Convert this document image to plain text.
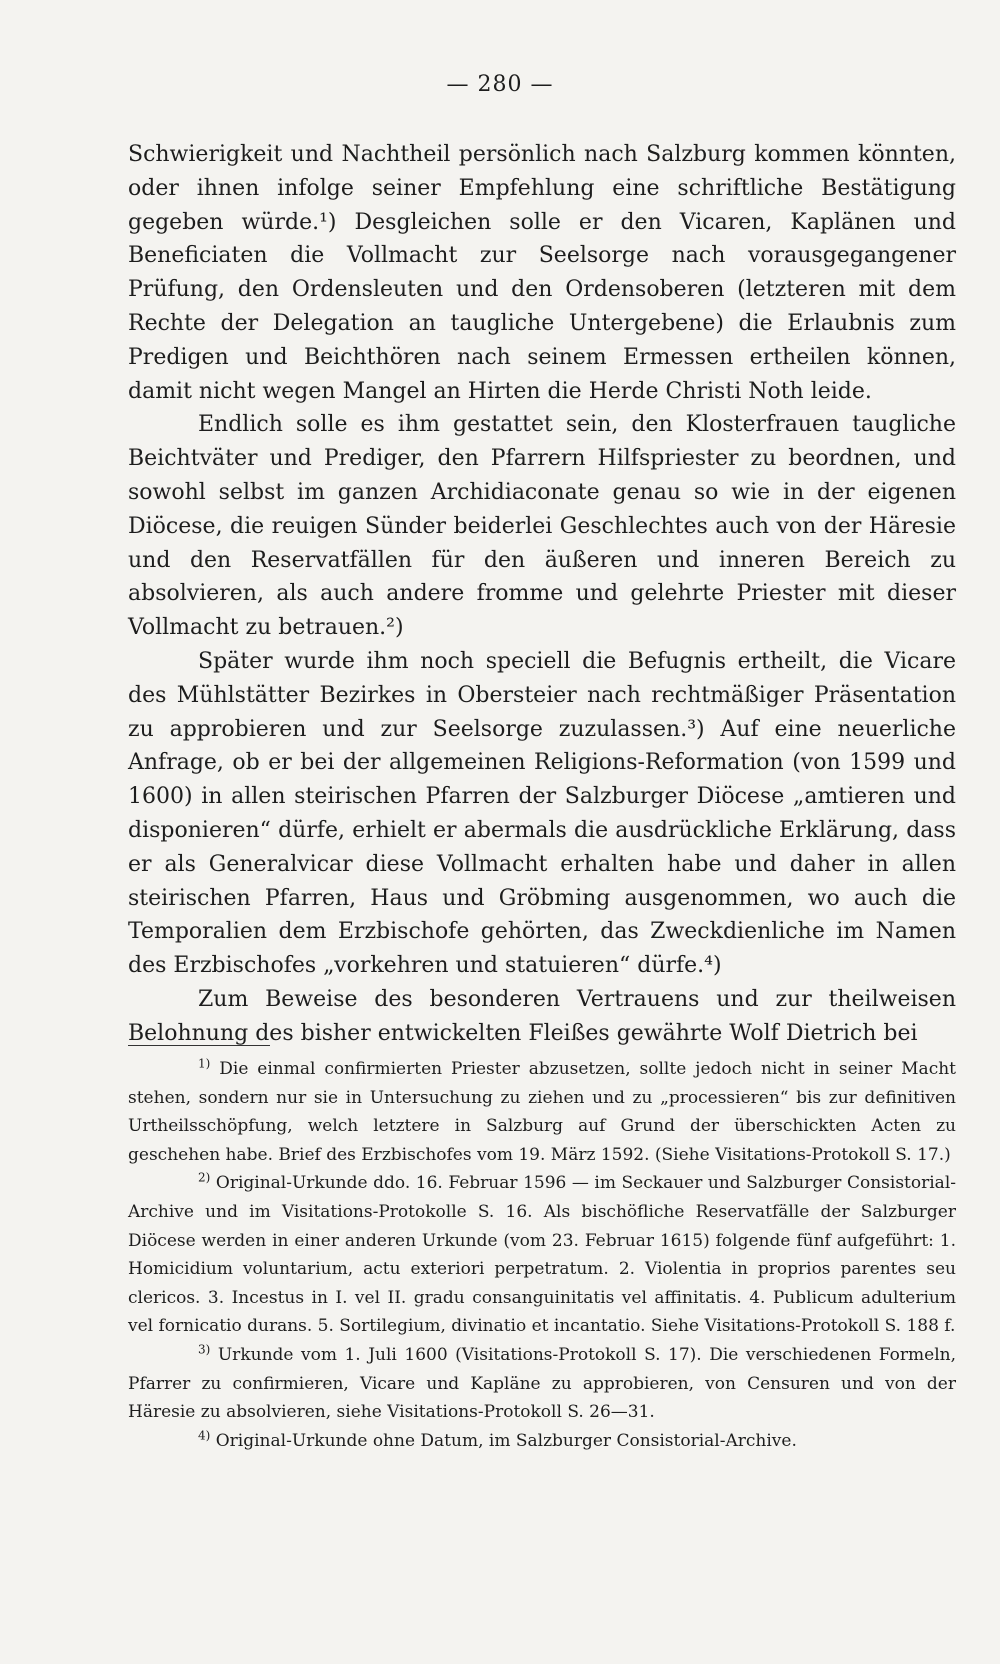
— 280 —

Schwierigkeit und Nachtheil persönlich nach Salzburg kommen könnten, oder ihnen infolge seiner Empfehlung eine schriftliche Bestätigung gegeben würde.¹) Desgleichen solle er den Vicaren, Kaplänen und Beneficiaten die Vollmacht zur Seelsorge nach vorausgegangener Prüfung, den Ordensleuten und den Ordensoberen (letzteren mit dem Rechte der Delegation an taugliche Untergebene) die Erlaubnis zum Predigen und Beichthören nach seinem Ermessen ertheilen können, damit nicht wegen Mangel an Hirten die Herde Christi Noth leide.

Endlich solle es ihm gestattet sein, den Klosterfrauen taugliche Beichtväter und Prediger, den Pfarrern Hilfspriester zu beordnen, und sowohl selbst im ganzen Archidiaconate genau so wie in der eigenen Diöcese, die reuigen Sünder beiderlei Geschlechtes auch von der Häresie und den Reservatfällen für den äußeren und inneren Bereich zu absolvieren, als auch andere fromme und gelehrte Priester mit dieser Vollmacht zu betrauen.²)

Später wurde ihm noch speciell die Befugnis ertheilt, die Vicare des Mühlstätter Bezirkes in Obersteier nach rechtmäßiger Präsentation zu approbieren und zur Seelsorge zuzulassen.³) Auf eine neuerliche Anfrage, ob er bei der allgemeinen Religions-Reformation (von 1599 und 1600) in allen steirischen Pfarren der Salzburger Diöcese „amtieren und disponieren“ dürfe, erhielt er abermals die ausdrückliche Erklärung, dass er als Generalvicar diese Vollmacht erhalten habe und daher in allen steirischen Pfarren, Haus und Gröbming ausgenommen, wo auch die Temporalien dem Erzbischofe gehörten, das Zweckdienliche im Namen des Erzbischofes „vorkehren und statuieren“ dürfe.⁴)

Zum Beweise des besonderen Vertrauens und zur theilweisen Belohnung des bisher entwickelten Fleißes gewährte Wolf Dietrich bei

$^{1)}$ Die einmal confirmierten Priester abzusetzen, sollte jedoch nicht in seiner Macht stehen, sondern nur sie in Untersuchung zu ziehen und zu „processieren“ bis zur definitiven Urtheilsschöpfung, welch letztere in Salzburg auf Grund der überschickten Acten zu geschehen habe. Brief des Erzbischofes vom 19. März 1592. (Siehe Visitations-Protokoll S. 17.)

$^{2)}$ Original-Urkunde ddo. 16. Februar 1596 — im Seckauer und Salzburger Consistorial-Archive und im Visitations-Protokolle S. 16. Als bischöfliche Reservatfälle der Salzburger Diöcese werden in einer anderen Urkunde (vom 23. Februar 1615) folgende fünf aufgeführt: 1. Homicidium voluntarium, actu exteriori perpetratum. 2. Violentia in proprios parentes seu clericos. 3. Incestus in I. vel II. gradu consanguinitatis vel affinitatis. 4. Publicum adulterium vel fornicatio durans. 5. Sortilegium, divinatio et incantatio. Siehe Visitations-Protokoll S. 188 f.

$^{3)}$ Urkunde vom 1. Juli 1600 (Visitations-Protokoll S. 17). Die verschiedenen Formeln, Pfarrer zu confirmieren, Vicare und Kapläne zu approbieren, von Censuren und von der Häresie zu absolvieren, siehe Visitations-Protokoll S. 26—31.

$^{4)}$ Original-Urkunde ohne Datum, im Salzburger Consistorial-Archive.
